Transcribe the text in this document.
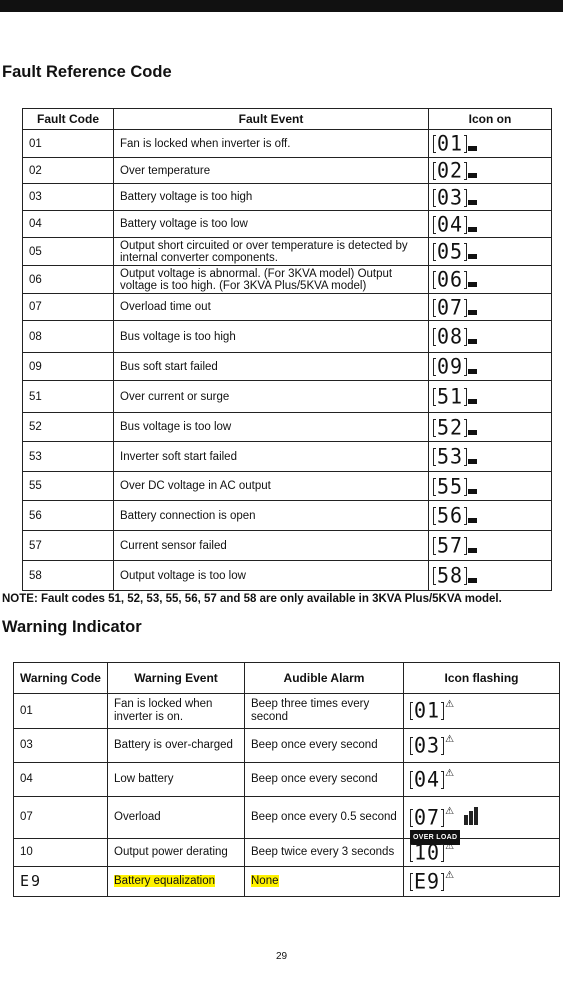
Fault Reference Code
Fault Code	Fault Event	Icon on
01	Fan is locked when inverter is off.	01

02	Over temperature	02

03	Battery voltage is too high	03

04	Battery voltage is too low	04

05	Output short circuited or over temperature is detected by internal converter components.	05

06	Output voltage is abnormal. (For 3KVA model) Output voltage is too high. (For 3KVA Plus/5KVA model)	06

07	Overload time out	07

08	Bus voltage is too high	08

09	Bus soft start failed	09

51	Over current or surge	51

52	Bus voltage is too low	52

53	Inverter soft start failed	53

55	Over DC voltage in AC output	55

56	Battery connection is open	56

57	Current sensor failed	57

58	Output voltage is too low	58

NOTE: Fault codes 51, 52, 53, 55, 56, 57 and 58 are only available in 3KVA Plus/5KVA model.

Warning Indicator
Warning Code	Warning Event	Audible Alarm	Icon flashing
01	Fan is locked when inverter is on.	Beep three times every second	01 ⚠

03	Battery is over-charged	Beep once every second	03 ⚠

04	Low battery	Beep once every second	04 ⚠

07	Overload	Beep once every 0.5 second	07 ⚠
OVER LOAD

10	Output power derating	Beep twice every 3 seconds	10 ⚠

E9	Battery equalization	None	E9 ⚠
29
